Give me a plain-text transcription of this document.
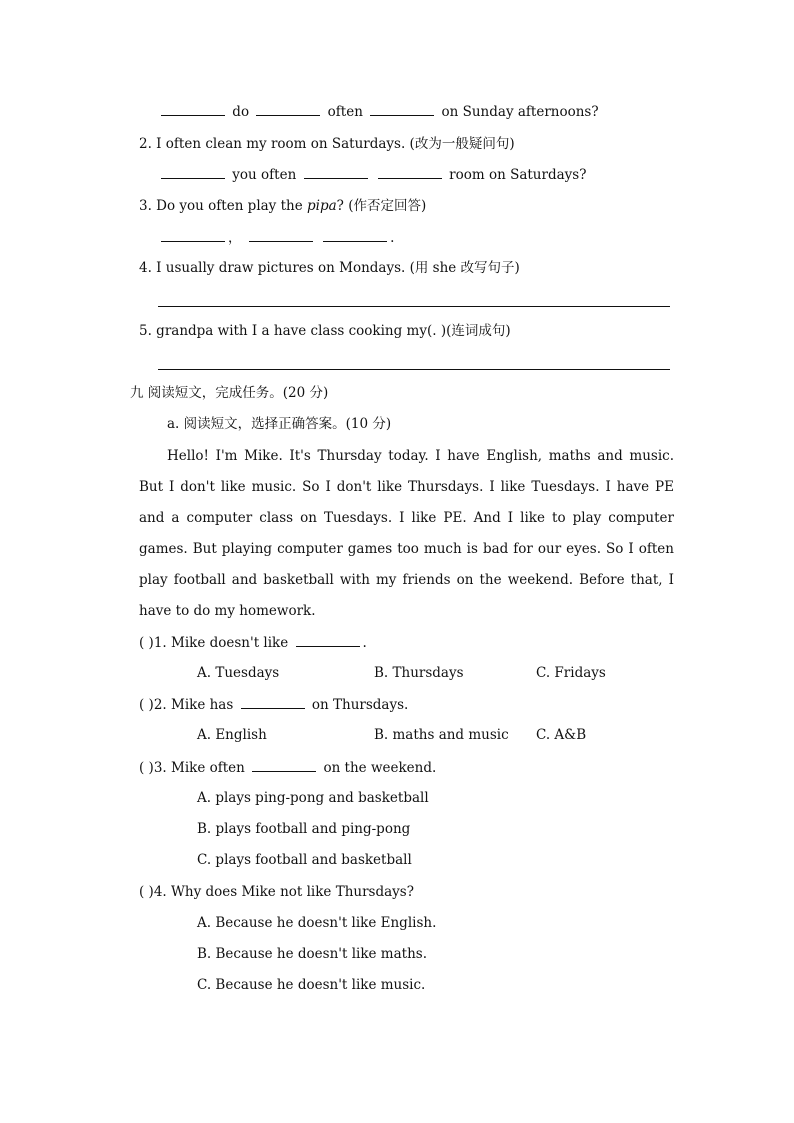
do	often	on Sunday afternoons?
2. I often clean my room on Saturdays. (改为一般疑问句)
you often	room on Saturdays?
3. Do you often play the pipa? (作否定回答)
，	.
4. I usually draw pictures on Mondays. (用 she 改写句子)
5. grandpa with I a have class cooking my(. )(连词成句)
九 阅读短文，完成任务。(20 分)
a. 阅读短文，选择正确答案。(10 分)
Hello! I'm Mike. It's Thursday today. I have English, maths and music. But I don't like music. So I don't like Thursdays. I like Tuesdays. I have PE and a computer class on Tuesdays. I like PE. And I like to play computer games. But playing computer games too much is bad for our eyes. So I often play football and basketball with my friends on the weekend. Before that, I have to do my homework.
( )1. Mike doesn't like	.
A. Tuesdays	B. Thursdays	C. Fridays
( )2. Mike has	on Thursdays.
A. English	B. maths and music C. A&B
( )3. Mike often	on the weekend.
A. plays ping-pong and basketball
B. plays football and ping-pong
C. plays football and basketball
( )4. Why does Mike not like Thursdays?
A. Because he doesn't like English.
B. Because he doesn't like maths.
C. Because he doesn't like music.
